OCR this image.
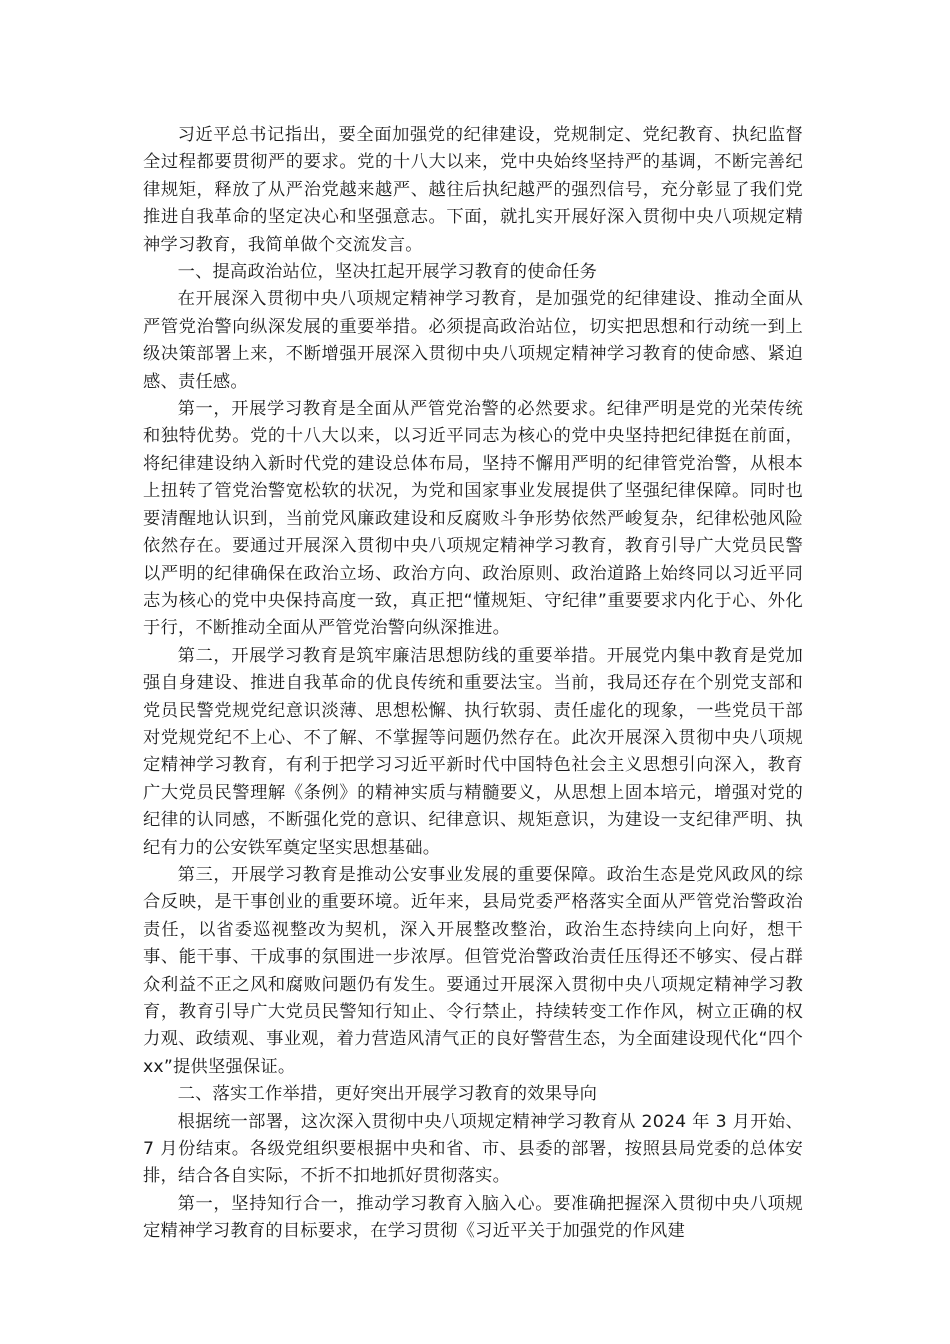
习近平总书记指出，要全面加强党的纪律建设，党规制定、党纪教育、执纪监督全过程都要贯彻严的要求。党的十八大以来，党中央始终坚持严的基调，不断完善纪律规矩，释放了从严治党越来越严、越往后执纪越严的强烈信号，充分彰显了我们党推进自我革命的坚定决心和坚强意志。下面，就扎实开展好深入贯彻中央八项规定精神学习教育，我简单做个交流发言。

一、提高政治站位，坚决扛起开展学习教育的使命任务

在开展深入贯彻中央八项规定精神学习教育，是加强党的纪律建设、推动全面从严管党治警向纵深发展的重要举措。必须提高政治站位，切实把思想和行动统一到上级决策部署上来，不断增强开展深入贯彻中央八项规定精神学习教育的使命感、紧迫感、责任感。

第一，开展学习教育是全面从严管党治警的必然要求。纪律严明是党的光荣传统和独特优势。党的十八大以来，以习近平同志为核心的党中央坚持把纪律挺在前面，将纪律建设纳入新时代党的建设总体布局，坚持不懈用严明的纪律管党治警，从根本上扭转了管党治警宽松软的状况，为党和国家事业发展提供了坚强纪律保障。同时也要清醒地认识到，当前党风廉政建设和反腐败斗争形势依然严峻复杂，纪律松弛风险依然存在。要通过开展深入贯彻中央八项规定精神学习教育，教育引导广大党员民警以严明的纪律确保在政治立场、政治方向、政治原则、政治道路上始终同以习近平同志为核心的党中央保持高度一致，真正把“懂规矩、守纪律”重要要求内化于心、外化于行，不断推动全面从严管党治警向纵深推进。

第二，开展学习教育是筑牢廉洁思想防线的重要举措。开展党内集中教育是党加强自身建设、推进自我革命的优良传统和重要法宝。当前，我局还存在个别党支部和党员民警党规党纪意识淡薄、思想松懈、执行软弱、责任虚化的现象，一些党员干部对党规党纪不上心、不了解、不掌握等问题仍然存在。此次开展深入贯彻中央八项规定精神学习教育，有利于把学习习近平新时代中国特色社会主义思想引向深入，教育广大党员民警理解《条例》的精神实质与精髓要义，从思想上固本培元，增强对党的纪律的认同感，不断强化党的意识、纪律意识、规矩意识，为建设一支纪律严明、执纪有力的公安铁军奠定坚实思想基础。

第三，开展学习教育是推动公安事业发展的重要保障。政治生态是党风政风的综合反映，是干事创业的重要环境。近年来，县局党委严格落实全面从严管党治警政治责任，以省委巡视整改为契机，深入开展整改整治，政治生态持续向上向好，想干事、能干事、干成事的氛围进一步浓厚。但管党治警政治责任压得还不够实、侵占群众利益不正之风和腐败问题仍有发生。要通过开展深入贯彻中央八项规定精神学习教育，教育引导广大党员民警知行知止、令行禁止，持续转变工作作风，树立正确的权力观、政绩观、事业观，着力营造风清气正的良好警营生态，为全面建设现代化“四个xx”提供坚强保证。

二、落实工作举措，更好突出开展学习教育的效果导向

根据统一部署，这次深入贯彻中央八项规定精神学习教育从 2024 年 3 月开始、7 月份结束。各级党组织要根据中央和省、市、县委的部署，按照县局党委的总体安排，结合各自实际，不折不扣地抓好贯彻落实。

第一，坚持知行合一，推动学习教育入脑入心。要准确把握深入贯彻中央八项规定精神学习教育的目标要求，在学习贯彻《习近平关于加强党的作风建
